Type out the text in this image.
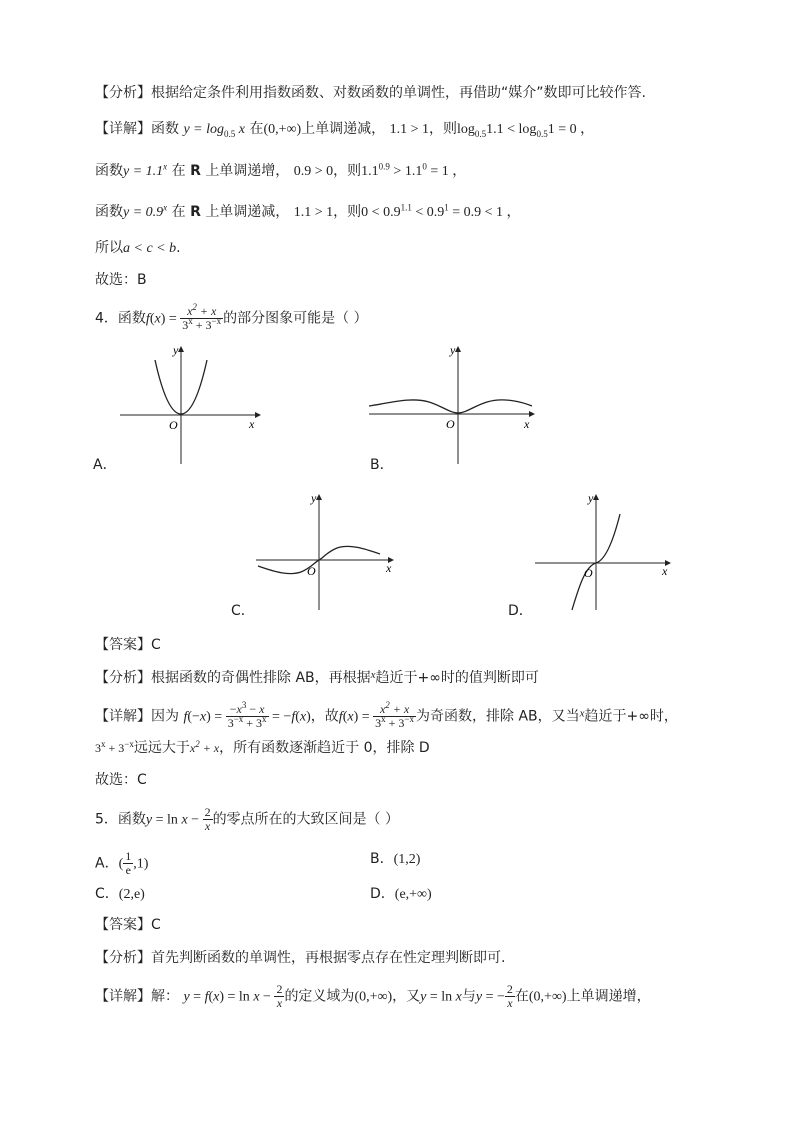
【分析】根据给定条件利用指数函数、对数函数的单调性，再借助“媒介”数即可比较作答.
【详解】函数 $y = \log_{0.5} x$ 在(0,+∞)上单调递减， 1.1 > 1，则$\log_{0.5}1.1 < \log_{0.5}1 = 0$ ，
函数$y = 1.1^x$ 在 R 上单调递增， 0.9 > 0，则$1.1^{0.9} > 1.1^0 = 1$ ，
函数$y = 0.9^x$ 在 R 上单调递减， 1.1 > 1，则$0 < 0.9^{1.1} < 0.9^1 = 0.9 < 1$ ，
所以a < c < b.
故选：B
4．函数$f(x) = \frac{x^2 + x}{3^x + 3^{-x}}$ 的部分图象可能是（ ）
y
x
O
A．
y
x
O
B．
y
x
O
C．
y
x
O
D．
【答案】C
【分析】根据函数的奇偶性排除 AB，再根据$^x$趋近于+∞时的值判断即可
【详解】因为 $f(-x) = \frac{-x^3 - x}{3^{-x} + 3^x} = -f(x)$，故$f(x) = \frac{x^2 + x}{3^x + 3^{-x}}$ 为奇函数，排除 AB，又当$^x$趋近于+∞时，
$3^x + 3^{-x}$远远大于$x^2 + x$，所有函数逐渐趋近于 0，排除 D
故选：C
5．函数$y = \ln x - \frac{2}{x}$ 的零点所在的大致区间是（ ）
A．( $\frac{1}{e} ,1$)	B．(1,2)
C．(2,e)	D．(e,+∞)
【答案】C
【分析】首先判断函数的单调性，再根据零点存在性定理判断即可.
【详解】解： $y = f(x) = \ln x - \frac{2}{x}$ 的定义域为(0,+∞)，又y = ln x与y = − $\frac{2}{x}$ 在(0,+∞)上单调递增，
